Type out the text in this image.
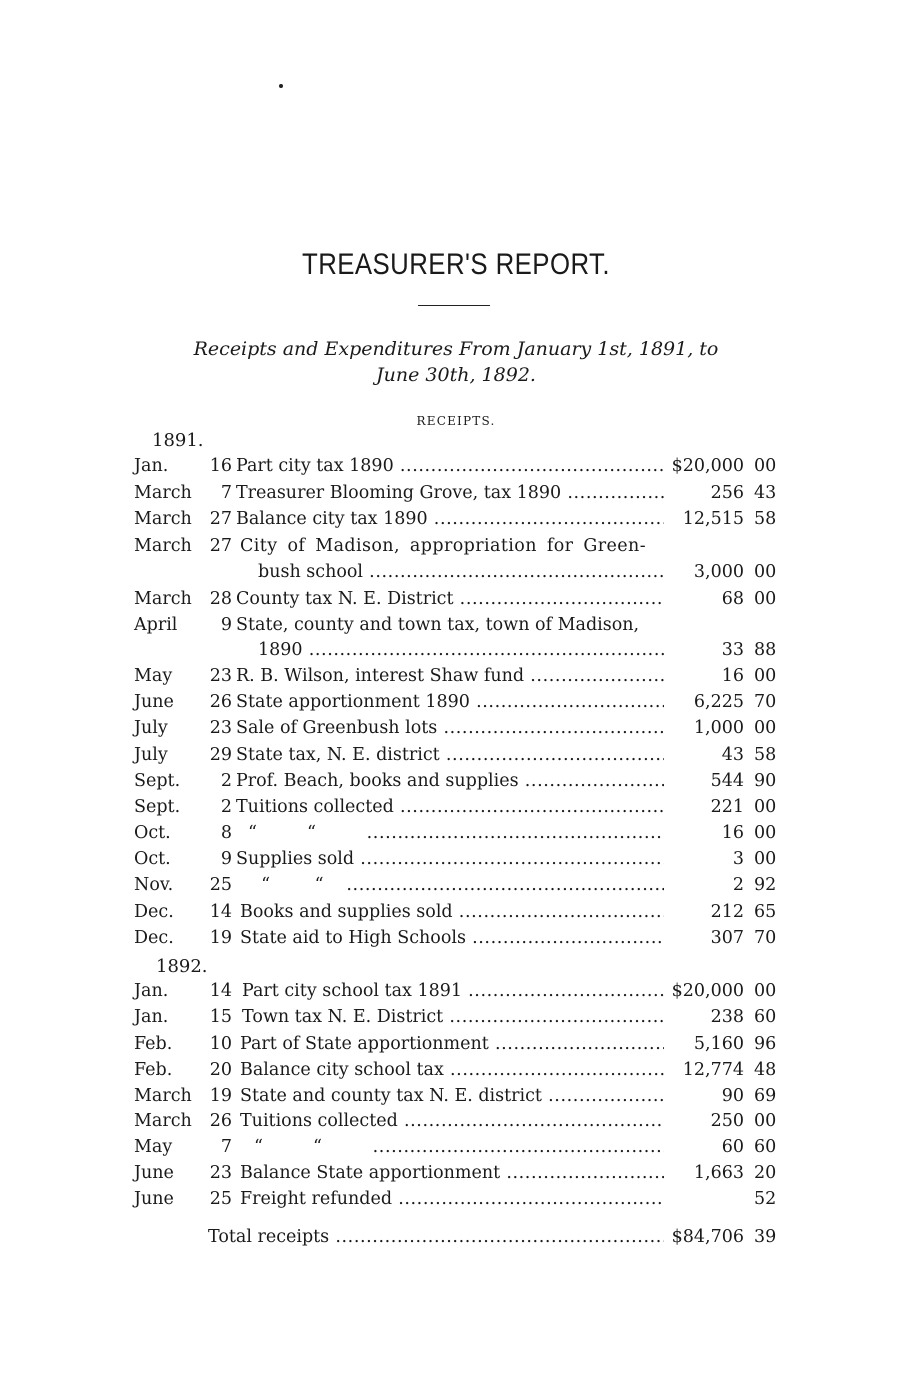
TREASURER'S REPORT.
Receipts and Expenditures From January 1st, 1891, to
June 30th, 1892.
RECEIPTS.
1891.
Jan.	16 Part city tax 1890 .....	$20,000 00
March	7 Treasurer Blooming Grove, tax 1890 .....	256 43
March	27 Balance city tax 1890 .....	12,515 58
March	27 City of Madison, appropriation for Green-
bush school .....	3,000 00
March	28 County tax N. E. District .....	68 00
April	9 State, county and town tax, town of Madison,
1890 .....	33 88
May	23 R. B. Wilson, interest Shaw fund .....	16 00
June	26 State apportionment 1890 .....	6,225 70
July	23 Sale of Greenbush lots .....	1,000 00
July	29 State tax, N. E. district .....	43 58
Sept.	2 Prof. Beach, books and supplies .....	544 90
Sept.	2 Tuitions collected .....	221 00
Oct.	8 “         “         .....	16 00
Oct.	9 Supplies sold .....	3 00
Nov.	25 “        “    .....	2 92
Dec.	14 Books and supplies sold .....	212 65
Dec.	19 State aid to High Schools .....	307 70
1892.
Jan.	14 Part city school tax 1891 .....	$20,000 00
Jan.	15 Town tax N. E. District .....	238 60
Feb.	10 Part of State apportionment .....	5,160 96
Feb.	20 Balance city school tax .....	12,774 48
March	19 State and county tax N. E. district .....	90 69
March	26 Tuitions collected .....	250 00
May	7 “         “         .....	60 60
June	23 Balance State apportionment .....	1,663 20
June	25 Freight refunded .....	52
Total receipts .....	$84,706 39
